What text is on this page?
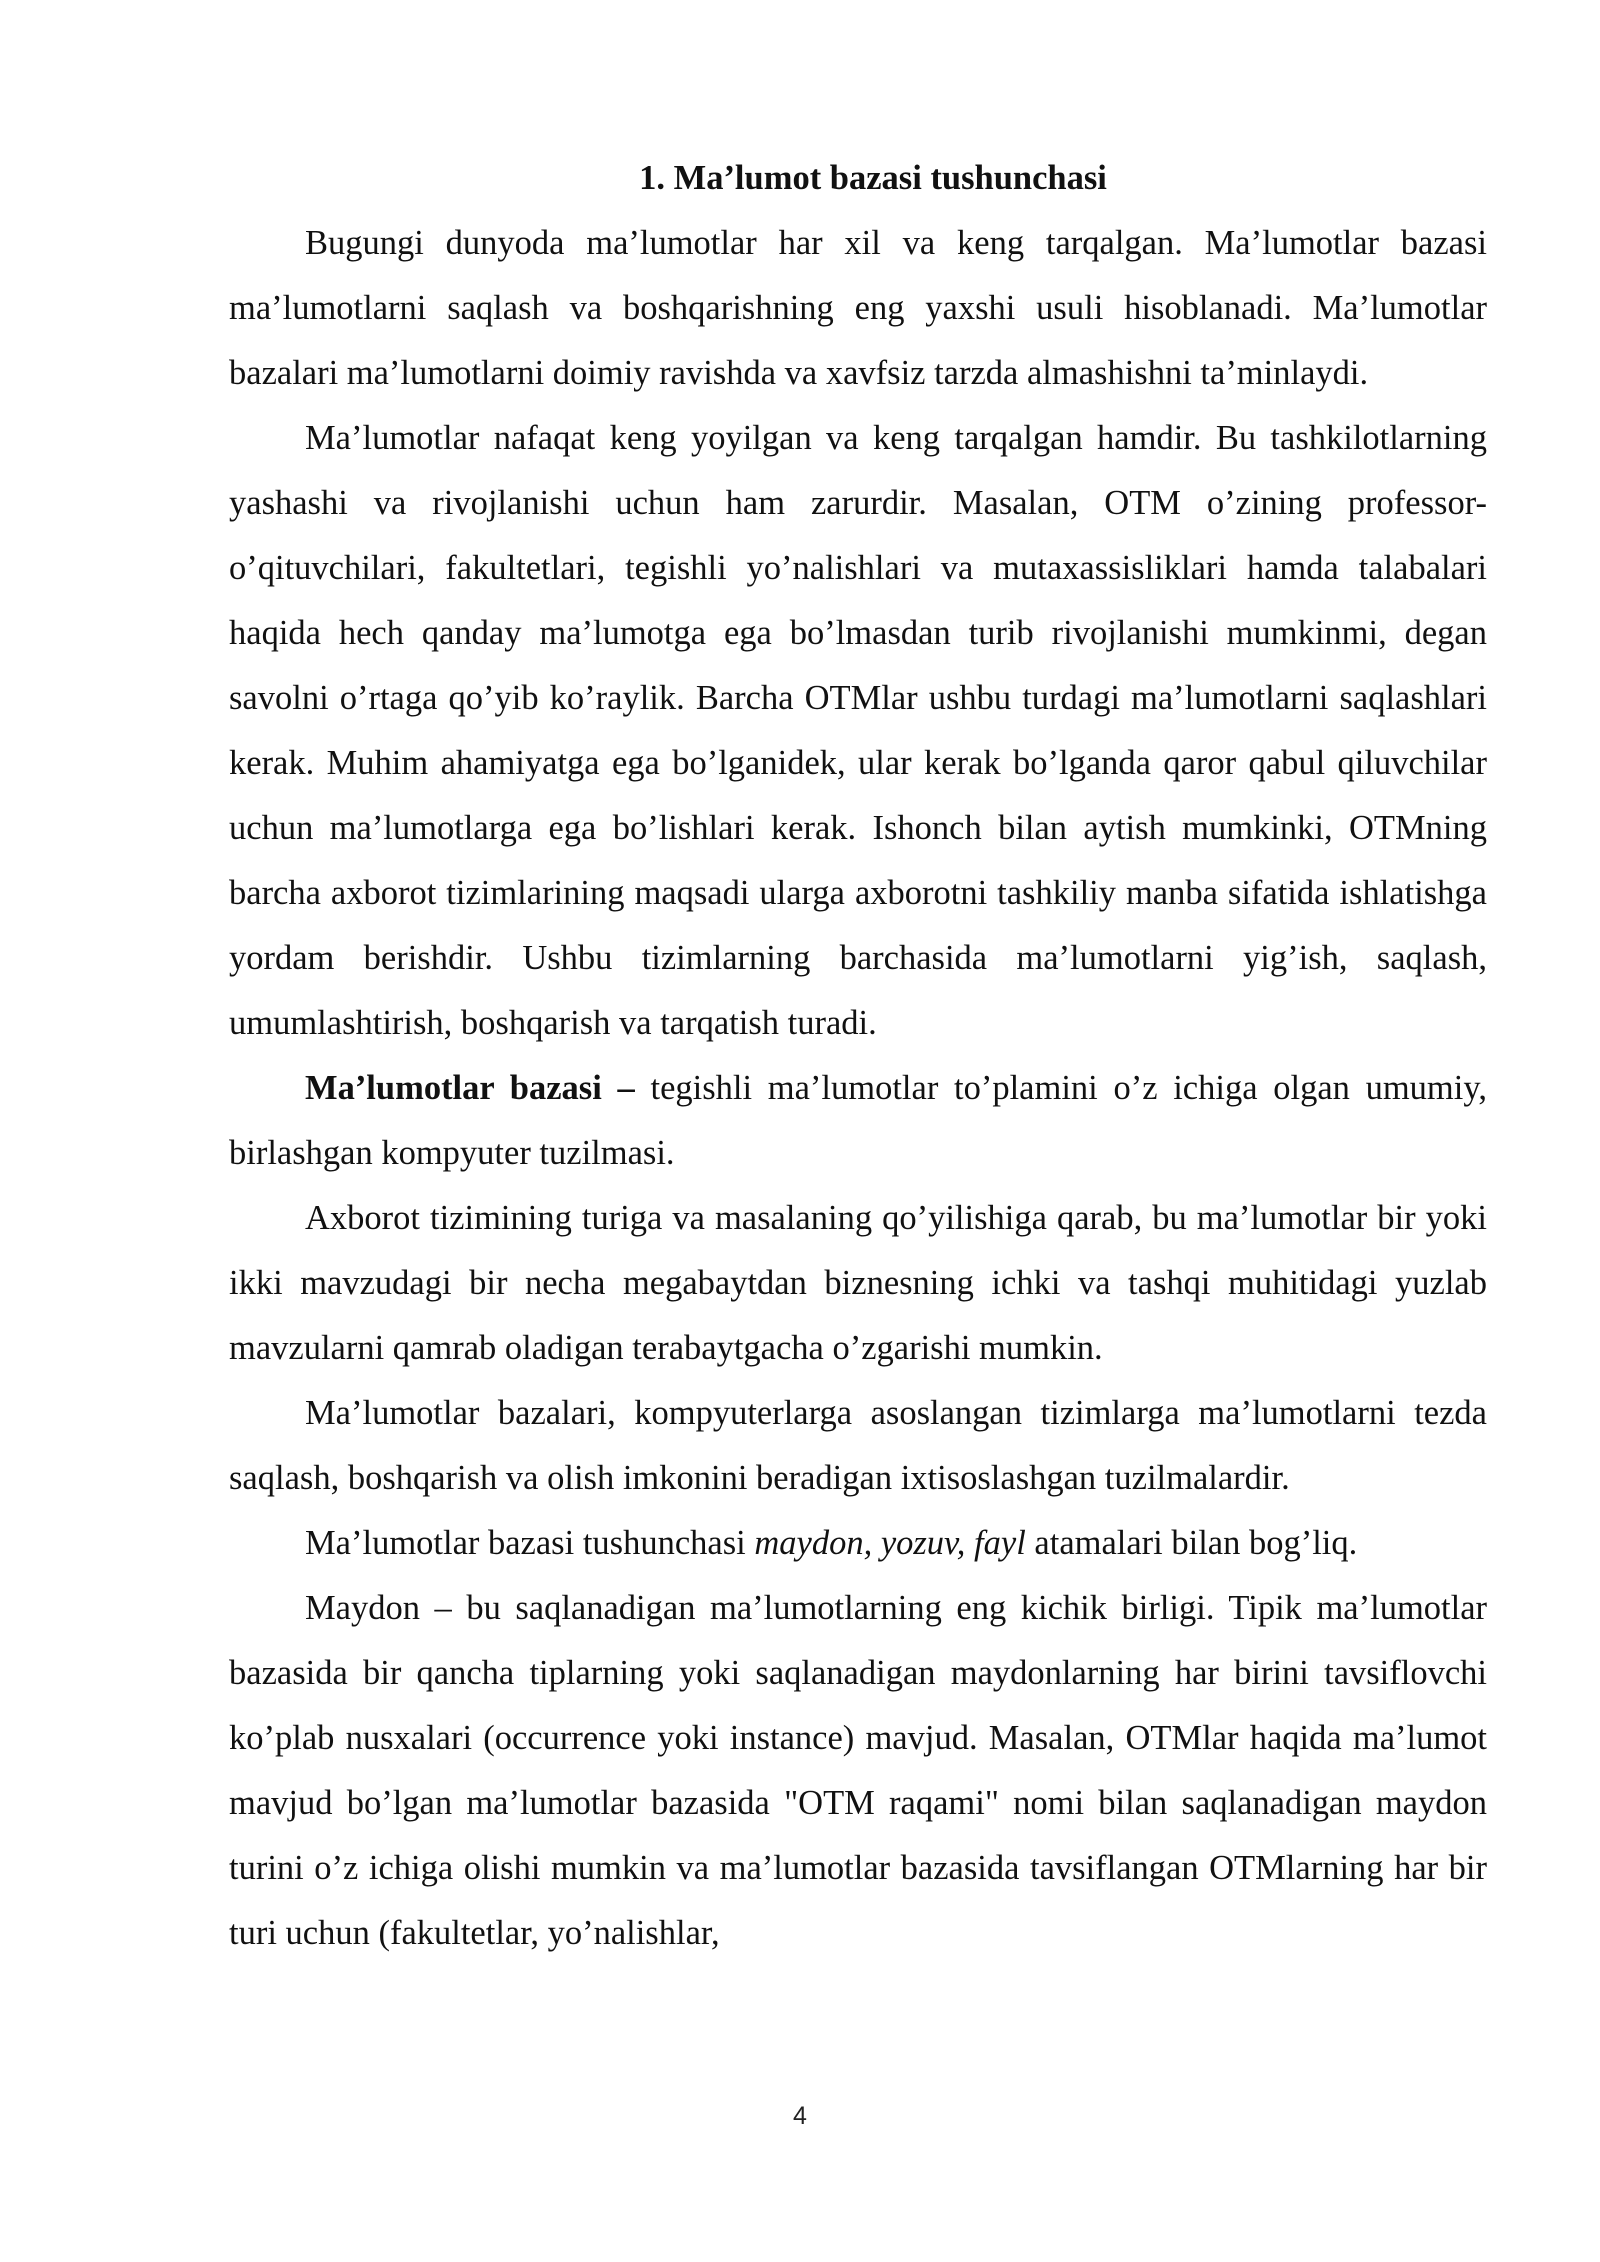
1. Ma’lumot bazasi tushunchasi

Bugungi dunyoda ma’lumotlar har xil va keng tarqalgan. Ma’lumotlar bazasi ma’lumotlarni saqlash va boshqarishning eng yaxshi usuli hisoblanadi. Ma’lumotlar bazalari ma’lumotlarni doimiy ravishda va xavfsiz tarzda almashishni ta’minlaydi.

Ma’lumotlar nafaqat keng yoyilgan va keng tarqalgan hamdir. Bu tashkilotlarning yashashi va rivojlanishi uchun ham zarurdir. Masalan, OTM o’zining professor-o’qituvchilari, fakultetlari, tegishli yo’nalishlari va mutaxassisliklari hamda talabalari haqida hech qanday ma’lumotga ega bo’lmasdan turib rivojlanishi mumkinmi, degan savolni o’rtaga qo’yib ko’raylik. Barcha OTMlar ushbu turdagi ma’lumotlarni saqlashlari kerak. Muhim ahamiyatga ega bo’lganidek, ular kerak bo’lganda qaror qabul qiluvchilar uchun ma’lumotlarga ega bo’lishlari kerak. Ishonch bilan aytish mumkinki, OTMning barcha axborot tizimlarining maqsadi ularga axborotni tashkiliy manba sifatida ishlatishga yordam berishdir. Ushbu tizimlarning barchasida ma’lumotlarni yig’ish, saqlash, umumlashtirish, boshqarish va tarqatish turadi.

Ma’lumotlar bazasi – tegishli ma’lumotlar to’plamini o’z ichiga olgan umumiy, birlashgan kompyuter tuzilmasi.

Axborot tizimining turiga va masalaning qo’yilishiga qarab, bu ma’lumotlar bir yoki ikki mavzudagi bir necha megabaytdan biznesning ichki va tashqi muhitidagi yuzlab mavzularni qamrab oladigan terabaytgacha o’zgarishi mumkin.

Ma’lumotlar bazalari, kompyuterlarga asoslangan tizimlarga ma’lumotlarni tezda saqlash, boshqarish va olish imkonini beradigan ixtisoslashgan tuzilmalardir.

Ma’lumotlar bazasi tushunchasi maydon, yozuv, fayl atamalari bilan bog’liq.

Maydon – bu saqlanadigan ma’lumotlarning eng kichik birligi. Tipik ma’lumotlar bazasida bir qancha tiplarning yoki saqlanadigan maydonlarning har birini tavsiflovchi ko’plab nusxalari (occurrence yoki instance) mavjud. Masalan, OTMlar haqida ma’lumot mavjud bo’lgan ma’lumotlar bazasida "OTM raqami" nomi bilan saqlanadigan maydon turini o’z ichiga olishi mumkin va ma’lumotlar bazasida tavsiflangan OTMlarning har bir turi uchun (fakultetlar, yo’nalishlar,

4
